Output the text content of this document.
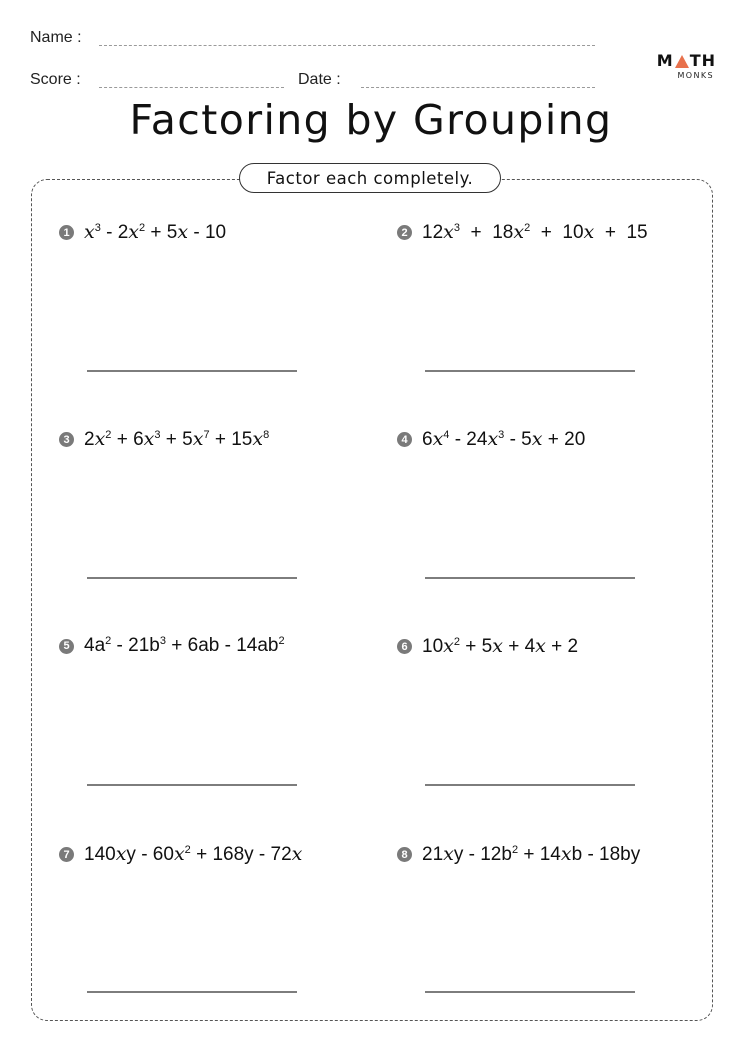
Name :
Score :	Date :
M TH
MONKS
Factoring by Grouping
Factor each completely.
1 $x^3 - 2x^2 + 5x - 10$	2 $12x^3 + 18x^2 + 10x + 15$
3 $2x^2 + 6x^3 + 5x^7 + 15x^8$	4 $6x^4 - 24x^3 - 5x + 20$
5 $4a^2 - 21b^3 + 6ab - 14ab^2$	6 $10x^2 + 5x + 4x + 2$
7 $140xy - 60x^2 + 168y - 72x$	8 $21xy - 12b^2 + 14xb - 18by$
